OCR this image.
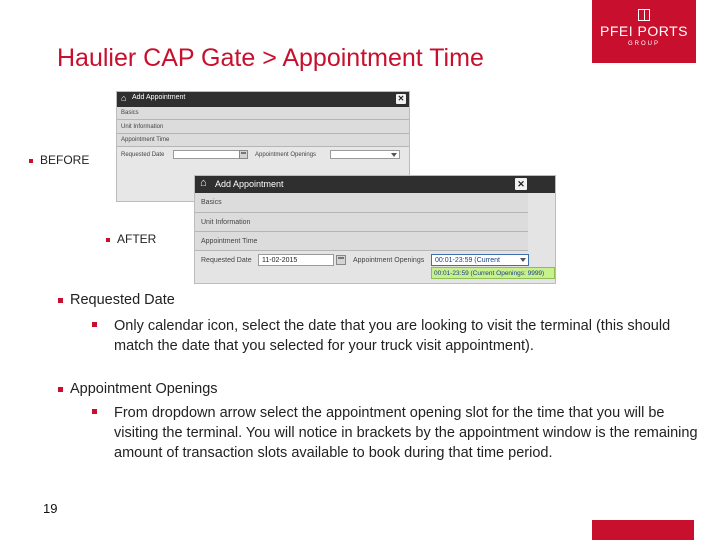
Haulier CAP Gate > Appointment Time
PFEI PORTS
GROUP
BEFORE
⌂ Add Appointment	✕
Basics
Unit Information
Appointment Time
Requested Date	Appointment Openings
⌂ Add Appointment	✕
Basics
Unit Information
Appointment Time
Requested Date	11-02-2015	Appointment Openings	00:01-23:59 (Current
00:01-23:59 (Current Openings: 9999)
AFTER
Requested Date
Only calendar icon, select the date that you are looking to visit the terminal (this should match the date that you selected for your truck visit appointment).
Appointment Openings
From dropdown arrow select the appointment opening slot for the time that you will be visiting the terminal. You will notice in brackets by the appointment window is the remaining amount of transaction slots available to book during that time period.
19
